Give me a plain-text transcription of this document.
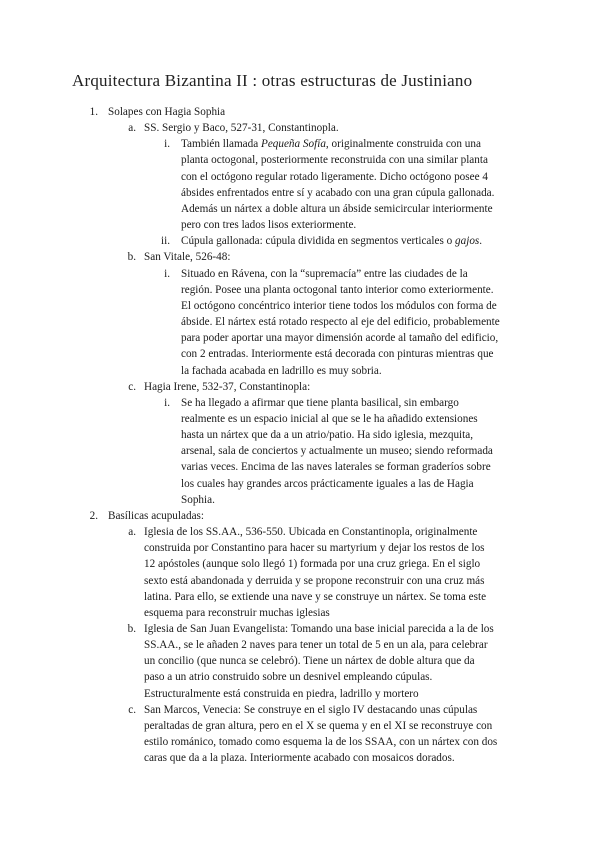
Arquitectura Bizantina II : otras estructuras de Justiniano
1. Solapes con Hagia Sophia
a. SS. Sergio y Baco, 527-31, Constantinopla.
i. También llamada Pequeña Sofía, originalmente construida con una
planta octogonal, posteriormente reconstruida con una similar planta
con el octógono regular rotado ligeramente. Dicho octógono posee 4
ábsides enfrentados entre sí y acabado con una gran cúpula gallonada.
Además un nártex a doble altura un ábside semicircular interiormente
pero con tres lados lisos exteriormente.
ii. Cúpula gallonada: cúpula dividida en segmentos verticales o gajos.
b. San Vitale, 526-48:
i. Situado en Rávena, con la “supremacía” entre las ciudades de la
región. Posee una planta octogonal tanto interior como exteriormente.
El octógono concéntrico interior tiene todos los módulos con forma de
ábside. El nártex está rotado respecto al eje del edificio, probablemente
para poder aportar una mayor dimensión acorde al tamaño del edificio,
con 2 entradas. Interiormente está decorada con pinturas mientras que
la fachada acabada en ladrillo es muy sobria.
c. Hagia Irene, 532-37, Constantinopla:
i. Se ha llegado a afirmar que tiene planta basilical, sin embargo
realmente es un espacio inicial al que se le ha añadido extensiones
hasta un nártex que da a un atrio/patio. Ha sido iglesia, mezquita,
arsenal, sala de conciertos y actualmente un museo; siendo reformada
varias veces. Encima de las naves laterales se forman graderíos sobre
los cuales hay grandes arcos prácticamente iguales a las de Hagia
Sophia.
2. Basílicas acupuladas:
a. Iglesia de los SS.AA., 536-550. Ubicada en Constantinopla, originalmente
construida por Constantino para hacer su martyrium y dejar los restos de los
12 apóstoles (aunque solo llegó 1) formada por una cruz griega. En el siglo
sexto está abandonada y derruida y se propone reconstruir con una cruz más
latina. Para ello, se extiende una nave y se construye un nártex. Se toma este
esquema para reconstruir muchas iglesias
b. Iglesia de San Juan Evangelista: Tomando una base inicial parecida a la de los
SS.AA., se le añaden 2 naves para tener un total de 5 en un ala, para celebrar
un concilio (que nunca se celebró). Tiene un nártex de doble altura que da
paso a un atrio construido sobre un desnivel empleando cúpulas.
Estructuralmente está construida en piedra, ladrillo y mortero
c. San Marcos, Venecia: Se construye en el siglo IV destacando unas cúpulas
peraltadas de gran altura, pero en el X se quema y en el XI se reconstruye con
estilo románico, tomado como esquema la de los SSAA, con un nártex con dos
caras que da a la plaza. Interiormente acabado con mosaicos dorados.
